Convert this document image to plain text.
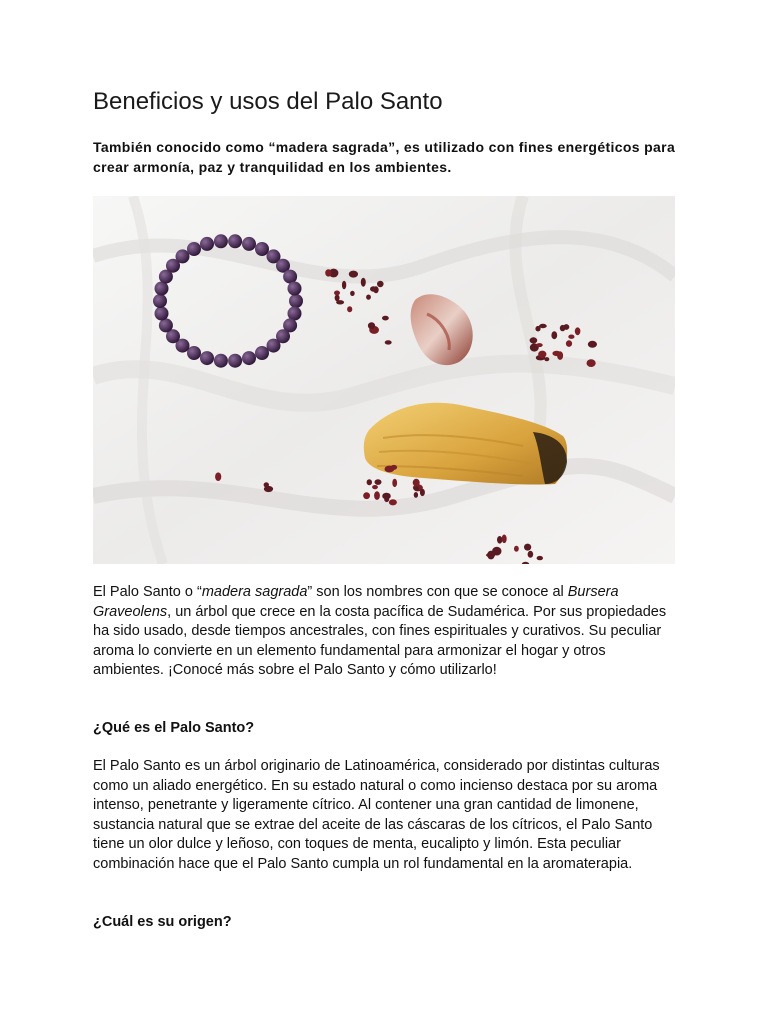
Beneficios y usos del Palo Santo

También conocido como “madera sagrada”, es utilizado con fines energéticos para crear armonía, paz y tranquilidad en los ambientes.

El Palo Santo o “madera sagrada” son los nombres con que se conoce al Bursera Graveolens, un árbol que crece en la costa pacífica de Sudamérica. Por sus propiedades ha sido usado, desde tiempos ancestrales, con fines espirituales y curativos. Su peculiar aroma lo convierte en un elemento fundamental para armonizar el hogar y otros ambientes. ¡Conocé más sobre el Palo Santo y cómo utilizarlo!

¿Qué es el Palo Santo?

El Palo Santo es un árbol originario de Latinoamérica, considerado por distintas culturas como un aliado energético. En su estado natural o como incienso destaca por su aroma intenso, penetrante y ligeramente cítrico. Al contener una gran cantidad de limonene, sustancia natural que se extrae del aceite de las cáscaras de los cítricos, el Palo Santo tiene un olor dulce y leñoso, con toques de menta, eucalipto y limón. Esta peculiar combinación hace que el Palo Santo cumpla un rol fundamental en la aromaterapia.

¿Cuál es su origen?
